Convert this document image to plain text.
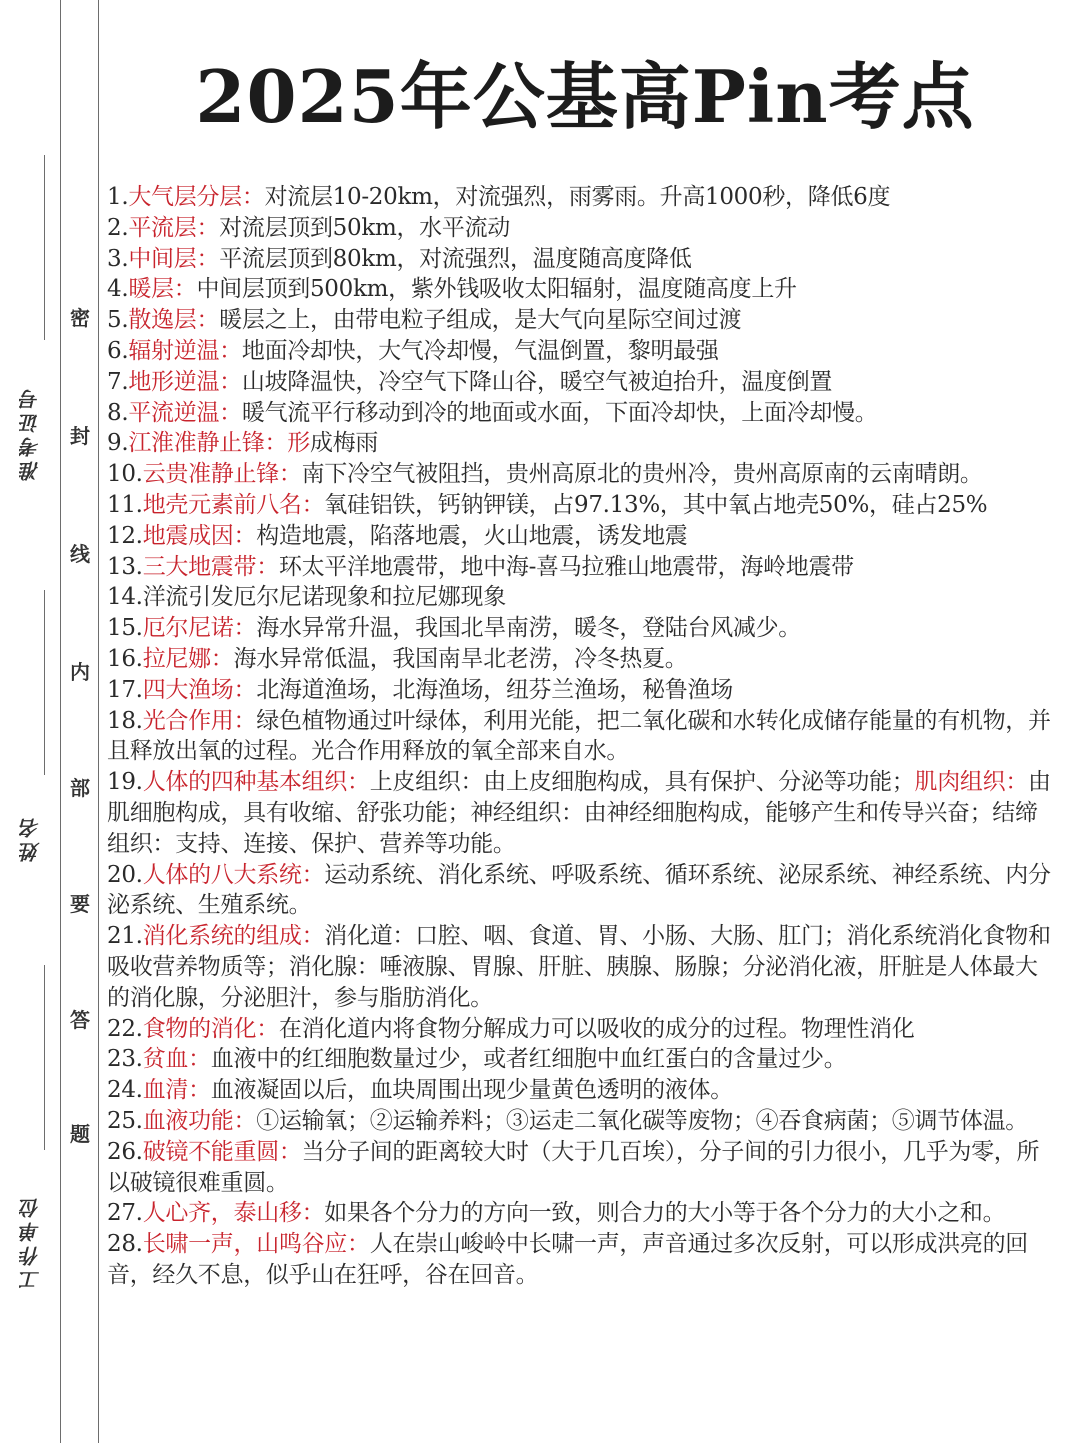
准考证号
姓名
工作单位
密
封
线
内
部
要
答
题
2025年公基高Pin考点
1.大气层分层：对流层10-20km，对流强烈，雨雾雨。升高1000秒，降低6度
2.平流层：对流层顶到50km，水平流动
3.中间层：平流层顶到80km，对流强烈，温度随高度降低
4.暖层：中间层顶到500km，紫外钱吸收太阳辐射，温度随高度上升
5.散逸层：暖层之上，由带电粒子组成，是大气向星际空间过渡
6.辐射逆温：地面冷却快，大气冷却慢，气温倒置，黎明最强
7.地形逆温：山坡降温快，冷空气下降山谷，暖空气被迫抬升，温度倒置
8.平流逆温：暖气流平行移动到冷的地面或水面，下面冷却快，上面冷却慢。
9.江淮准静止锋：形成梅雨
10.云贵准静止锋：南下冷空气被阻挡，贵州高原北的贵州冷，贵州高原南的云南晴朗。
11.地壳元素前八名：氧硅铝铁，钙钠钾镁，占97.13%，其中氧占地壳50%，硅占25%
12.地震成因：构造地震，陷落地震，火山地震，诱发地震
13.三大地震带：环太平洋地震带，地中海-喜马拉雅山地震带，海岭地震带
14.洋流引发厄尔尼诺现象和拉尼娜现象
15.厄尔尼诺：海水异常升温，我国北旱南涝，暖冬，登陆台风减少。
16.拉尼娜：海水异常低温，我国南旱北老涝，冷冬热夏。
17.四大渔场：北海道渔场，北海渔场，纽芬兰渔场，秘鲁渔场
18.光合作用：绿色植物通过叶绿体，利用光能，把二氧化碳和水转化成储存能量的有机物，并且释放出氧的过程。光合作用释放的氧全部来自水。
19.人体的四种基本组织：上皮组织：由上皮细胞构成，具有保护、分泌等功能；肌肉组织：由肌细胞构成，具有收缩、舒张功能；神经组织：由神经细胞构成，能够产生和传导兴奋；结缔组织：支持、连接、保护、营养等功能。
20.人体的八大系统：运动系统、消化系统、呼吸系统、循环系统、泌尿系统、神经系统、内分泌系统、生殖系统。
21.消化系统的组成：消化道：口腔、咽、食道、胃、小肠、大肠、肛门；消化系统消化食物和吸收营养物质等；消化腺：唾液腺、胃腺、肝脏、胰腺、肠腺；分泌消化液，肝脏是人体最大的消化腺，分泌胆汁，参与脂肪消化。
22.食物的消化：在消化道内将食物分解成力可以吸收的成分的过程。物理性消化
23.贫血：血液中的红细胞数量过少，或者红细胞中血红蛋白的含量过少。
24.血清：血液凝固以后，血块周围出现少量黄色透明的液体。
25.血液功能：①运输氧；②运输养料；③运走二氧化碳等废物；④吞食病菌；⑤调节体温。
26.破镜不能重圆：当分子间的距离较大时（大于几百埃），分子间的引力很小，几乎为零，所以破镜很难重圆。
27.人心齐，泰山移：如果各个分力的方向一致，则合力的大小等于各个分力的大小之和。
28.长啸一声，山鸣谷应：人在崇山峻岭中长啸一声，声音通过多次反射，可以形成洪亮的回音，经久不息，似乎山在狂呼，谷在回音。
